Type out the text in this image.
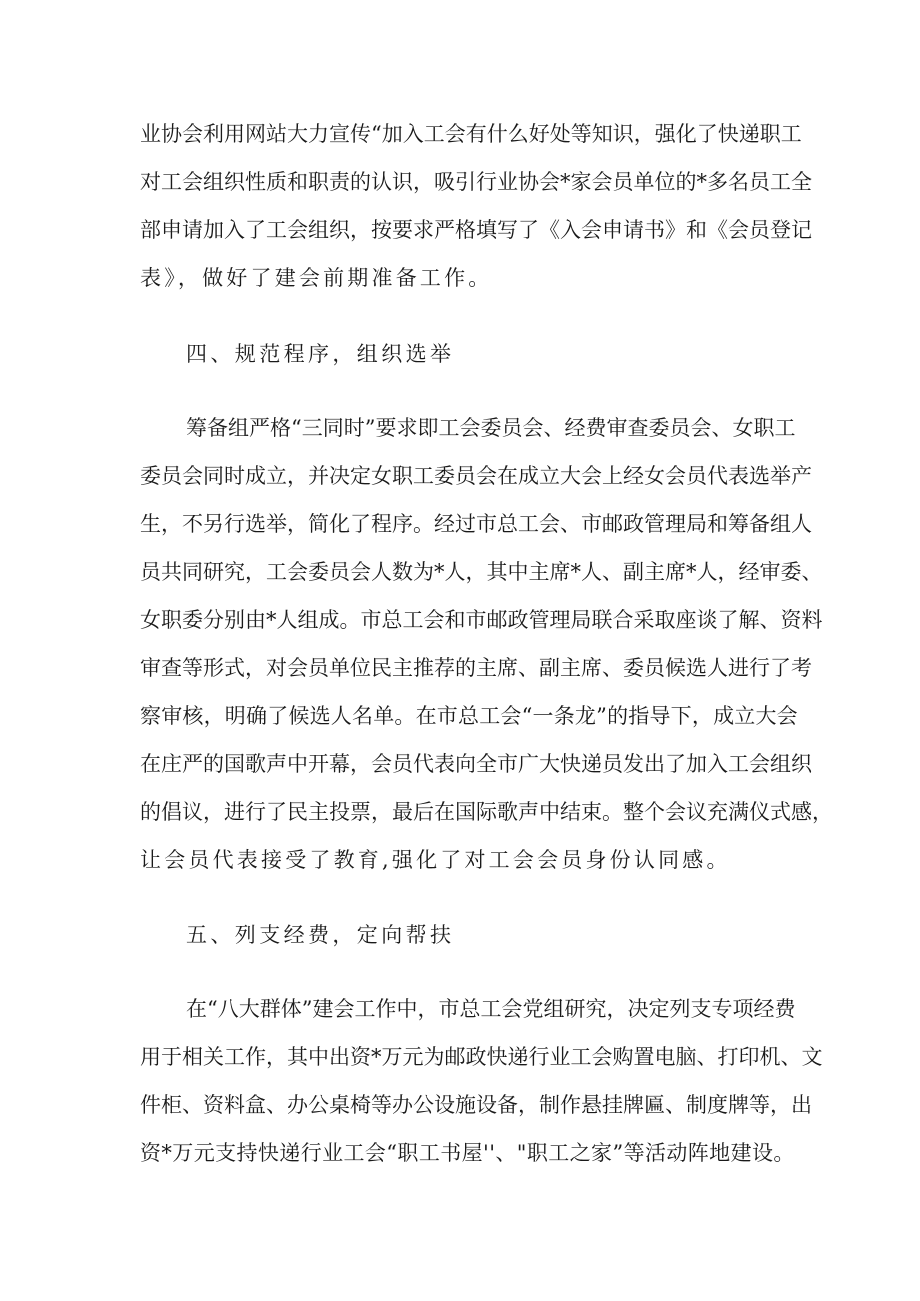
业协会利用网站大力宣传“加入工会有什么好处等知识，强化了快递职工
对工会组织性质和职责的认识，吸引行业协会*家会员单位的*多名员工全
部申请加入了工会组织，按要求严格填写了《入会申请书》和《会员登记
表》，做好了建会前期准备工作。
四、规范程序，组织选举
筹备组严格“三同时”要求即工会委员会、经费审查委员会、女职工
委员会同时成立，并决定女职工委员会在成立大会上经女会员代表选举产
生，不另行选举，简化了程序。经过市总工会、市邮政管理局和筹备组人
员共同研究，工会委员会人数为*人，其中主席*人、副主席*人，经审委、
女职委分别由*人组成。市总工会和市邮政管理局联合采取座谈了解、资料
审查等形式，对会员单位民主推荐的主席、副主席、委员候选人进行了考
察审核，明确了候选人名单。在市总工会“一条龙”的指导下，成立大会
在庄严的国歌声中开幕，会员代表向全市广大快递员发出了加入工会组织
的倡议，进行了民主投票，最后在国际歌声中结束。整个会议充满仪式感，
让会员代表接受了教育,强化了对工会会员身份认同感。
五、列支经费，定向帮扶
在“八大群体”建会工作中，市总工会党组研究，决定列支专项经费
用于相关工作，其中出资*万元为邮政快递行业工会购置电脑、打印机、文
件柜、资料盒、办公桌椅等办公设施设备，制作悬挂牌匾、制度牌等，出
资*万元支持快递行业工会“职工书屋''、"职工之家”等活动阵地建设。
